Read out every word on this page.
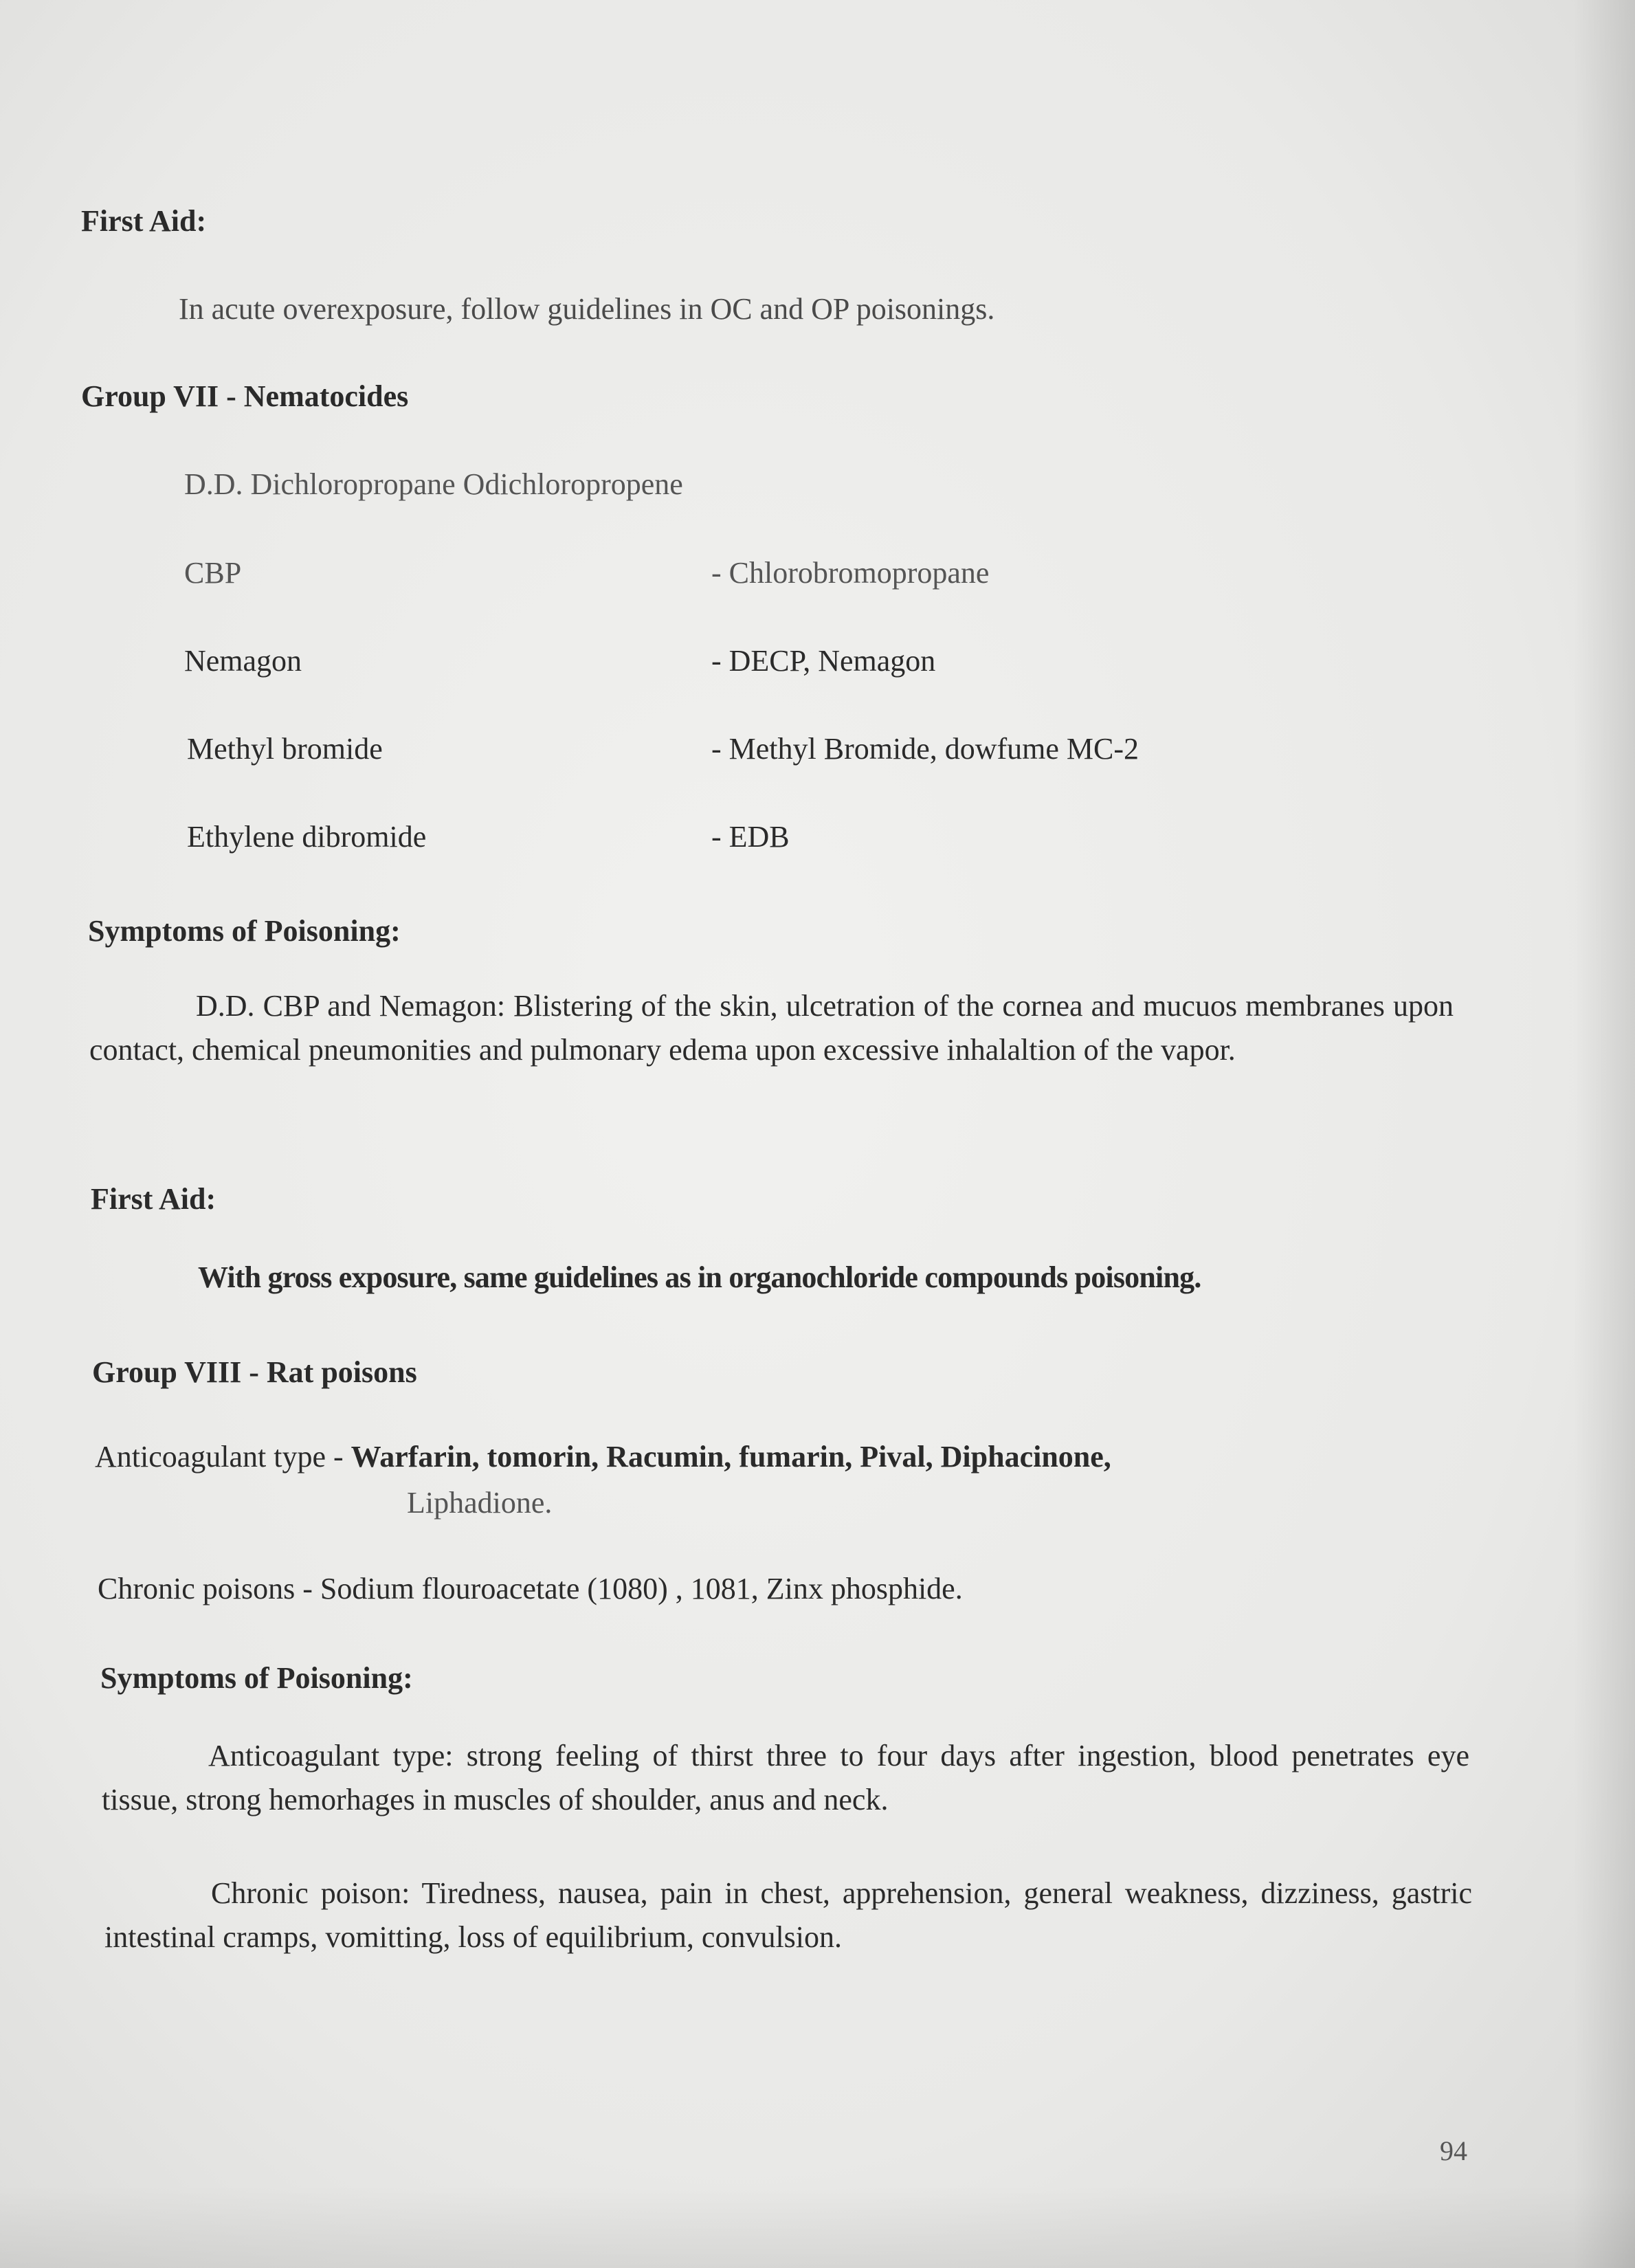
First Aid:
In acute overexposure, follow guidelines in OC and OP poisonings.
Group VII - Nematocides
D.D. Dichloropropane Odichloropropene
CBP	- Chlorobromopropane
Nemagon	- DECP, Nemagon
Methyl bromide	- Methyl Bromide, dowfume MC-2
Ethylene dibromide	- EDB
Symptoms of Poisoning:
D.D. CBP and Nemagon: Blistering of the skin, ulcetration of the cornea and mucuos membranes upon contact, chemical pneumonities and pulmonary edema upon excessive inhalaltion of the vapor.
First Aid:
With gross exposure, same guidelines as in organochloride compounds poisoning.
Group VIII - Rat poisons
Anticoagulant type - Warfarin, tomorin, Racumin, fumarin, Pival, Diphacinone,
Liphadione.
Chronic poisons - Sodium flouroacetate (1080) , 1081, Zinx phosphide.
Symptoms of Poisoning:
Anticoagulant type: strong feeling of thirst three to four days after ingestion, blood penetrates eye tissue, strong hemorhages in muscles of shoulder, anus and neck.
Chronic poison: Tiredness, nausea, pain in chest, apprehension, general weakness, dizziness, gastric intestinal cramps, vomitting, loss of equilibrium, convulsion.
94
